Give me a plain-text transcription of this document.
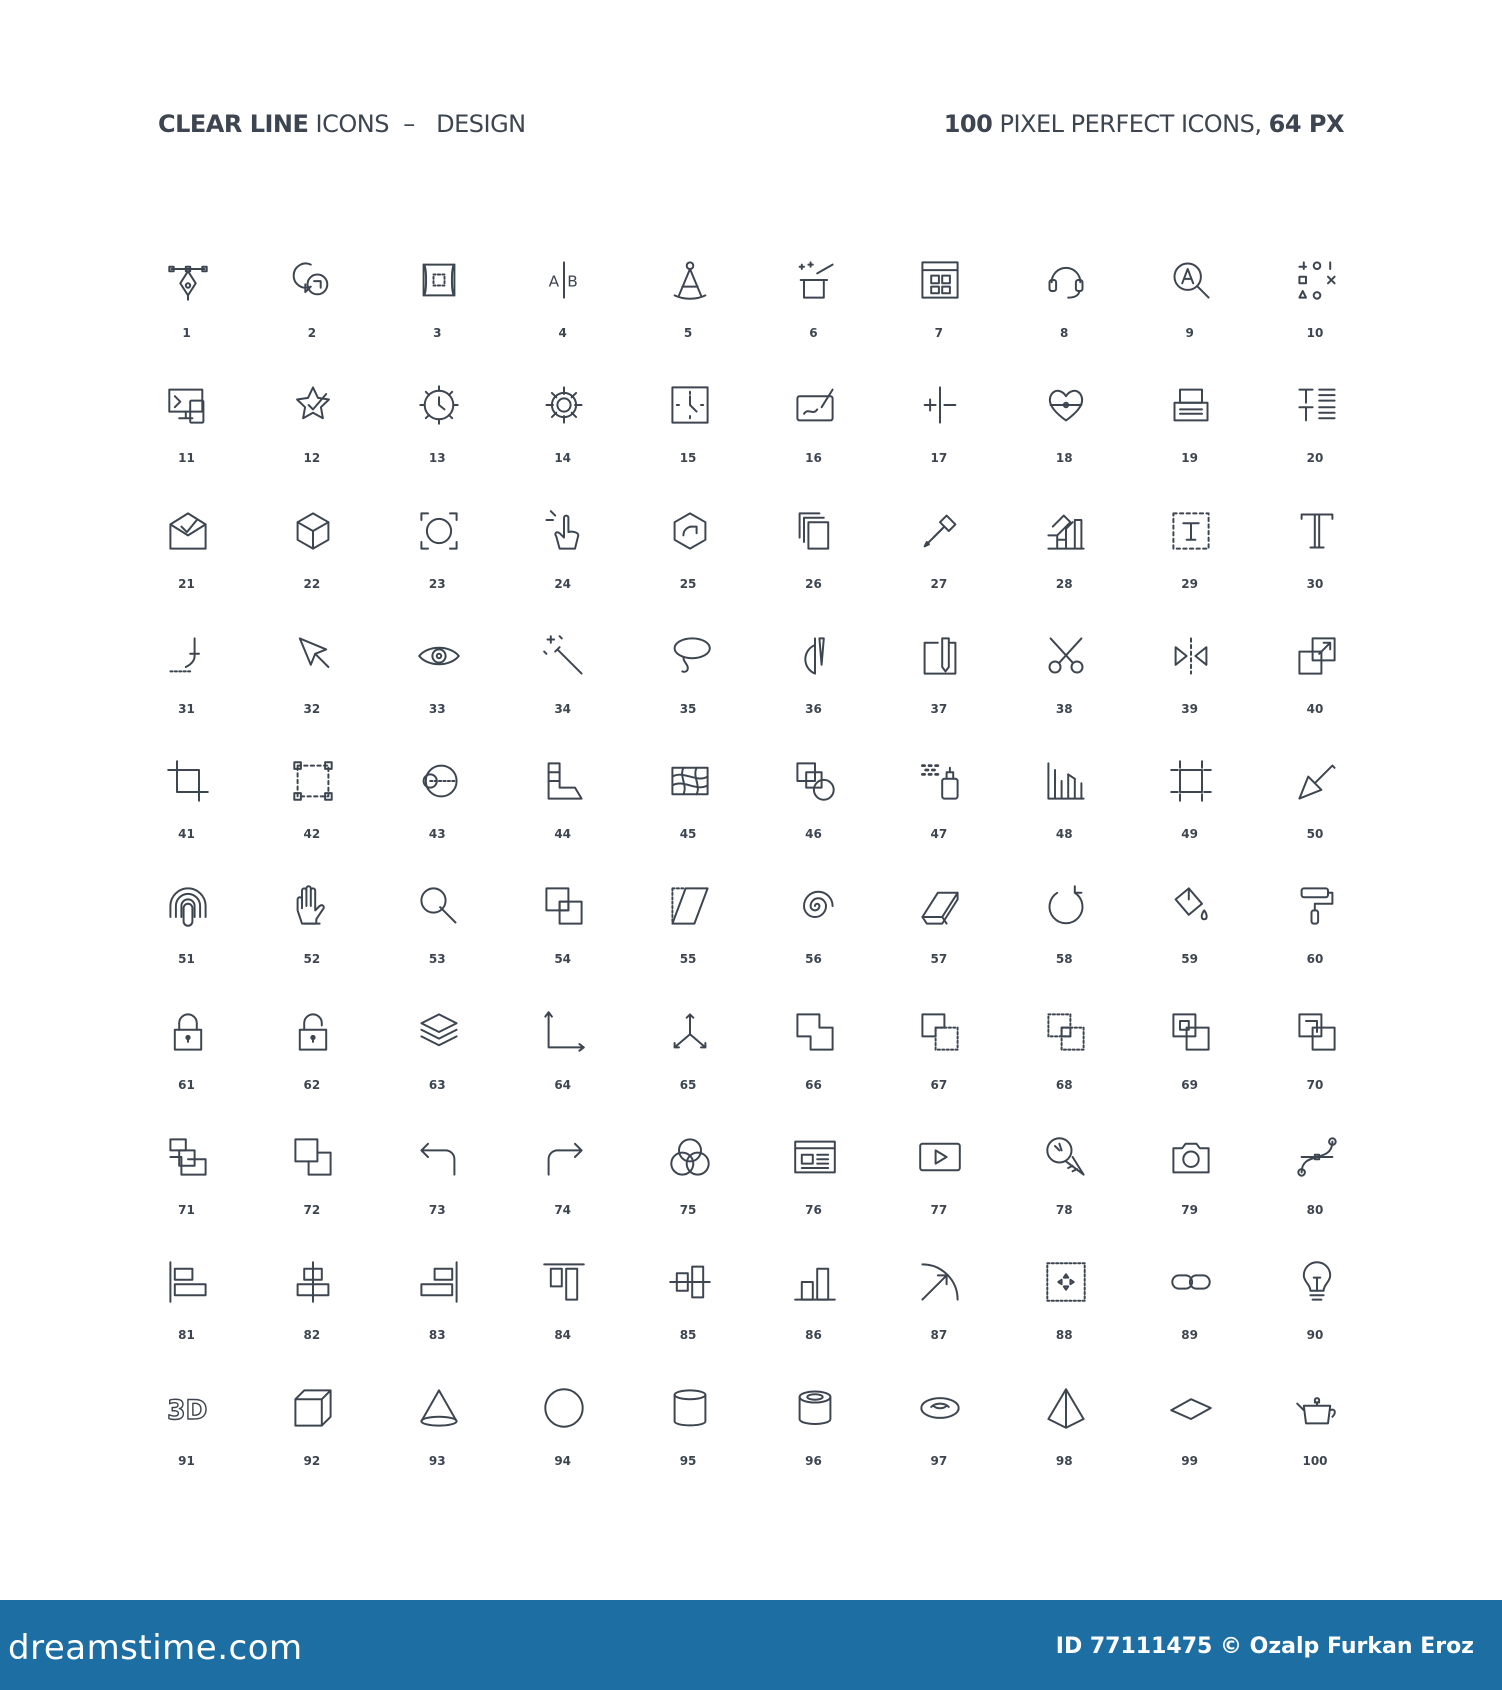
CLEAR LINE ICONS  –   DESIGN	100 PIXEL PERFECT ICONS, 64 PX
1	2	3
A B
4	5	6	7	8	9	10
11	12	13	14	15	16	17	18	19	20
21	22	23	24	25	26	27	28	29	30
31	32	33	34	35	36	37	38	39	40
41	42	43	44	45	46	47	48	49	50
51	52	53	54	55	56	57	58	59	60
61	62	63	64	65	66	67	68	69	70
71	72	73	74	75	76	77	78	79	80
81	82	83	84	85	86	87	88	89	90
3D
91	92	93	94	95	96	97	98	99	100
dreamstime.com	ID 77111475 © Ozalp Furkan Eroz
